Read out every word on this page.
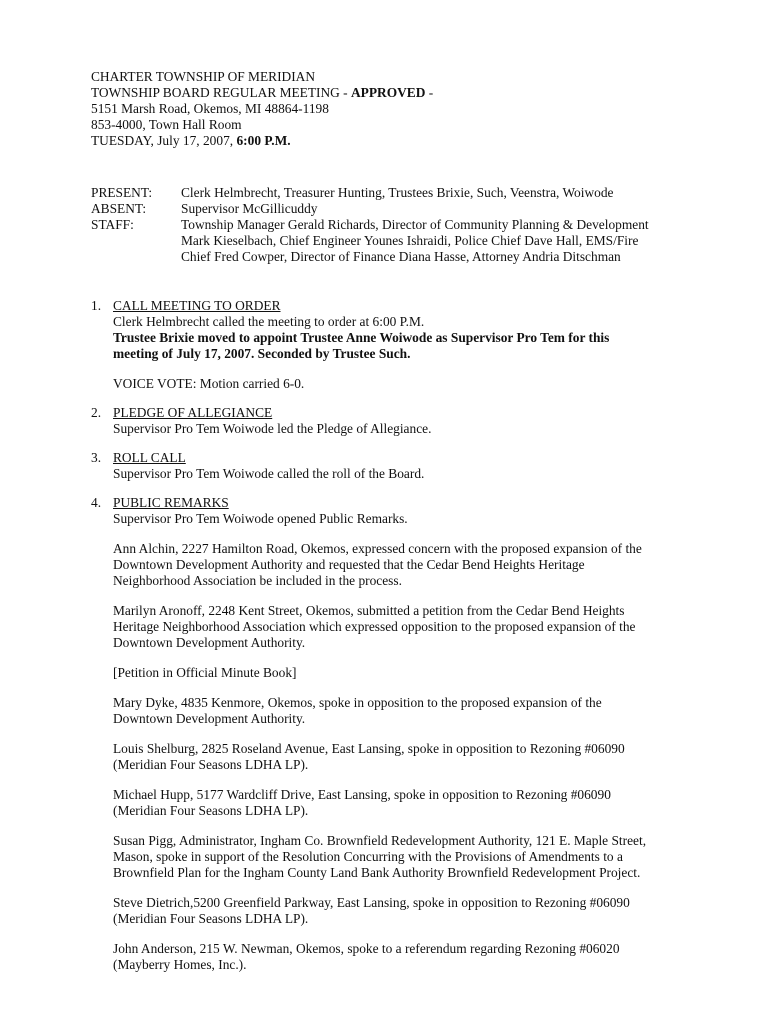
CHARTER TOWNSHIP OF MERIDIAN
TOWNSHIP BOARD REGULAR MEETING - APPROVED -
5151 Marsh Road, Okemos, MI 48864-1198
853-4000, Town Hall Room
TUESDAY, July 17, 2007, 6:00 P.M.
PRESENT:	Clerk Helmbrecht, Treasurer Hunting, Trustees Brixie, Such, Veenstra, Woiwode
ABSENT:	Supervisor McGillicuddy
STAFF:	Township Manager Gerald Richards, Director of Community Planning & Development
Mark Kieselbach, Chief Engineer Younes Ishraidi, Police Chief Dave Hall, EMS/Fire
Chief Fred Cowper, Director of Finance Diana Hasse, Attorney Andria Ditschman
1. CALL MEETING TO ORDER
Clerk Helmbrecht called the meeting to order at 6:00 P.M.
Trustee Brixie moved to appoint Trustee Anne Woiwode as Supervisor Pro Tem for this
meeting of July 17, 2007. Seconded by Trustee Such.
VOICE VOTE: Motion carried 6-0.
2. PLEDGE OF ALLEGIANCE
Supervisor Pro Tem Woiwode led the Pledge of Allegiance.
3. ROLL CALL
Supervisor Pro Tem Woiwode called the roll of the Board.
4. PUBLIC REMARKS
Supervisor Pro Tem Woiwode opened Public Remarks.
Ann Alchin, 2227 Hamilton Road, Okemos, expressed concern with the proposed expansion of the
Downtown Development Authority and requested that the Cedar Bend Heights Heritage
Neighborhood Association be included in the process.
Marilyn Aronoff, 2248 Kent Street, Okemos, submitted a petition from the Cedar Bend Heights
Heritage Neighborhood Association which expressed opposition to the proposed expansion of the
Downtown Development Authority.
[Petition in Official Minute Book]
Mary Dyke, 4835 Kenmore, Okemos, spoke in opposition to the proposed expansion of the
Downtown Development Authority.
Louis Shelburg, 2825 Roseland Avenue, East Lansing, spoke in opposition to Rezoning #06090
(Meridian Four Seasons LDHA LP).
Michael Hupp, 5177 Wardcliff Drive, East Lansing, spoke in opposition to Rezoning #06090
(Meridian Four Seasons LDHA LP).
Susan Pigg, Administrator, Ingham Co. Brownfield Redevelopment Authority, 121 E. Maple Street,
Mason, spoke in support of the Resolution Concurring with the Provisions of Amendments to a
Brownfield Plan for the Ingham County Land Bank Authority Brownfield Redevelopment Project.
Steve Dietrich,5200 Greenfield Parkway, East Lansing, spoke in opposition to Rezoning #06090
(Meridian Four Seasons LDHA LP).
John Anderson, 215 W. Newman, Okemos, spoke to a referendum regarding Rezoning #06020
(Mayberry Homes, Inc.).
